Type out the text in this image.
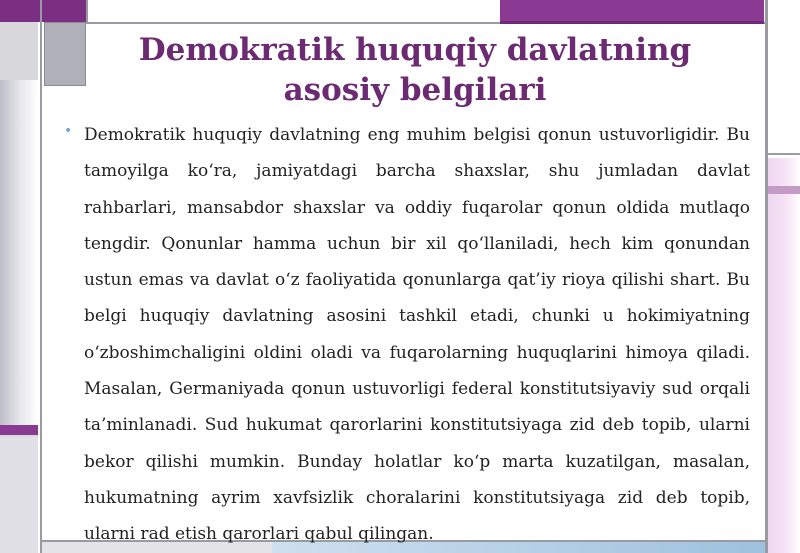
Demokratik huquqiy davlatning asosiy belgilari
• Demokratik huquqiy davlatning eng muhim belgisi qonun ustuvorligidir. Bu tamoyilga ko‘ra, jamiyatdagi barcha shaxslar, shu jumladan davlat rahbarlari, mansabdor shaxslar va oddiy fuqarolar qonun oldida mutlaqo tengdir. Qonunlar hamma uchun bir xil qo‘llaniladi, hech kim qonundan ustun emas va davlat o‘z faoliyatida qonunlarga qat’iy rioya qilishi shart. Bu belgi huquqiy davlatning asosini tashkil etadi, chunki u hokimiyatning o‘zboshimchaligini oldini oladi va fuqarolarning huquqlarini himoya qiladi. Masalan, Germaniyada qonun ustuvorligi federal konstitutsiyaviy sud orqali ta’minlanadi. Sud hukumat qarorlarini konstitutsiyaga zid deb topib, ularni bekor qilishi mumkin. Bunday holatlar ko‘p marta kuzatilgan, masalan, hukumatning ayrim xavfsizlik choralarini konstitutsiyaga zid deb topib, ularni rad etish qarorlari qabul qilingan.
